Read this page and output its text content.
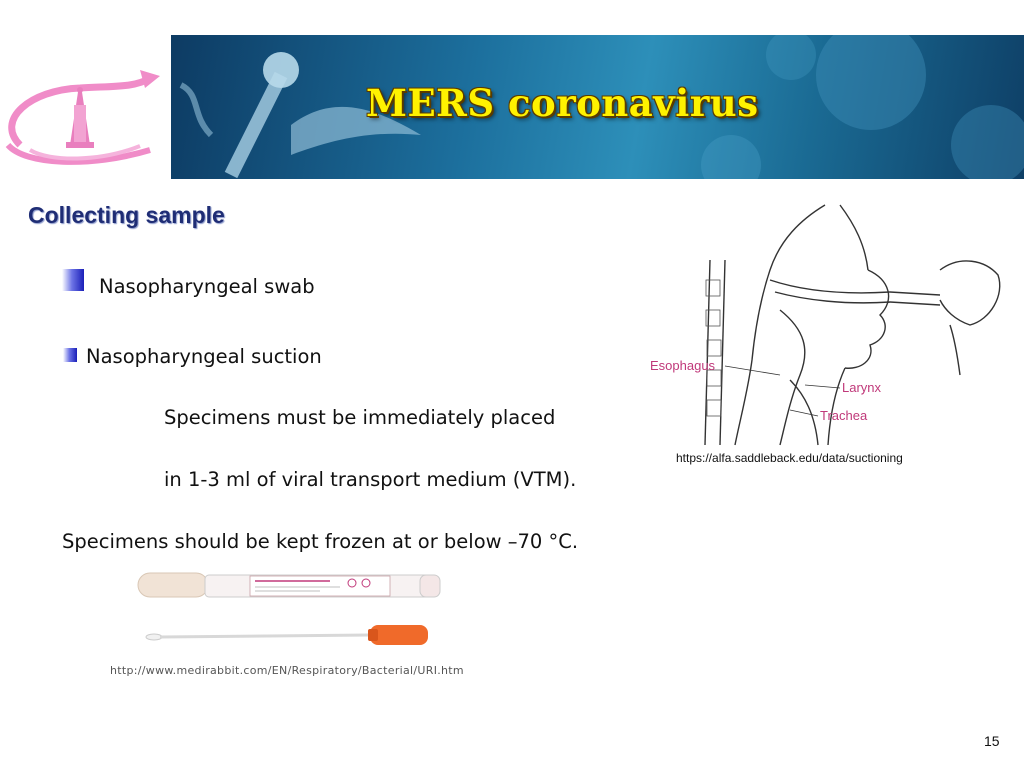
MERS coronavirus
Collecting sample
Nasopharyngeal swab
Nasopharyngeal suction
Specimens must be immediately placed
in 1-3 ml of viral transport medium (VTM).
Specimens should be kept frozen at or below –70 °C.
Esophagus
Larynx
Trachea
https://alfa.saddleback.edu/data/suctioning
http://www.medirabbit.com/EN/Respiratory/Bacterial/URI.htm
15
